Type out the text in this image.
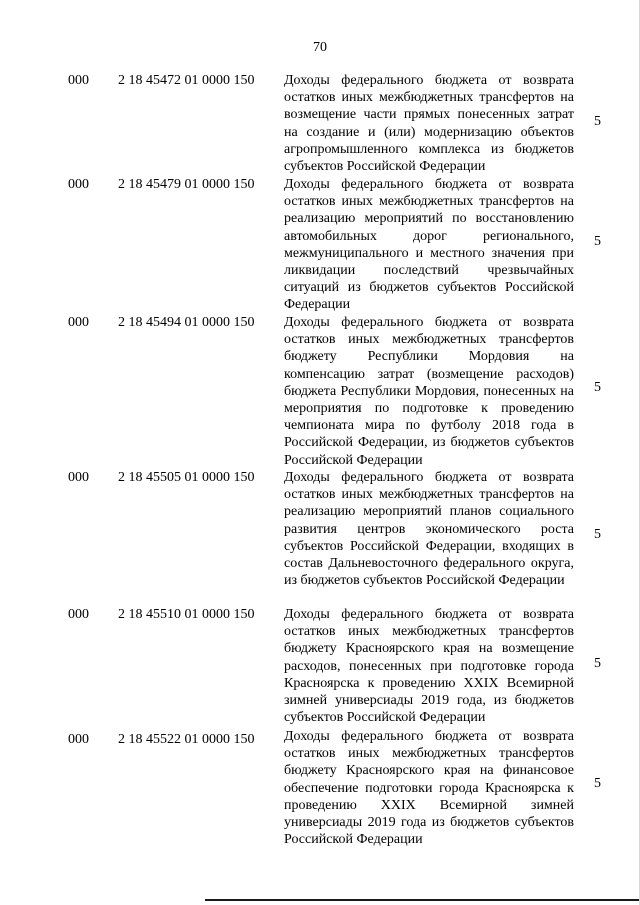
70
000 2 18 45472 01 0000 150	Доходы федерального бюджета от возврата остатков иных межбюджетных трансфертов на возмещение части прямых понесенных затрат на создание и (или) модернизацию объектов агропромышленного комплекса из бюджетов субъектов Российской Федерации
5
000 2 18 45479 01 0000 150	Доходы федерального бюджета от возврата остатков иных межбюджетных трансфертов на реализацию мероприятий по восстановлению автомобильных дорог регионального, межмуниципального и местного значения при ликвидации последствий чрезвычайных ситуаций из бюджетов субъектов Российской Федерации
5
000 2 18 45494 01 0000 150	Доходы федерального бюджета от возврата остатков иных межбюджетных трансфертов бюджету Республики Мордовия на компенсацию затрат (возмещение расходов) бюджета Республики Мордовия, понесенных на мероприятия по подготовке к проведению чемпионата мира по футболу 2018 года в Российской Федерации, из бюджетов субъектов Российской Федерации
5
000 2 18 45505 01 0000 150	Доходы федерального бюджета от возврата остатков иных межбюджетных трансфертов на реализацию мероприятий планов социального развития центров экономического роста субъектов Российской Федерации, входящих в состав Дальневосточного федерального округа, из бюджетов субъектов Российской Федерации
5
000 2 18 45510 01 0000 150	Доходы федерального бюджета от возврата остатков иных межбюджетных трансфертов бюджету Красноярского края на возмещение расходов, понесенных при подготовке города Красноярска к проведению XXIX Всемирной зимней универсиады 2019 года, из бюджетов субъектов Российской Федерации
5
000 2 18 45522 01 0000 150	Доходы федерального бюджета от возврата остатков иных межбюджетных трансфертов бюджету Красноярского края на финансовое обеспечение подготовки города Красноярска к проведению XXIX Всемирной зимней универсиады 2019 года из бюджетов субъектов Российской Федерации
5
